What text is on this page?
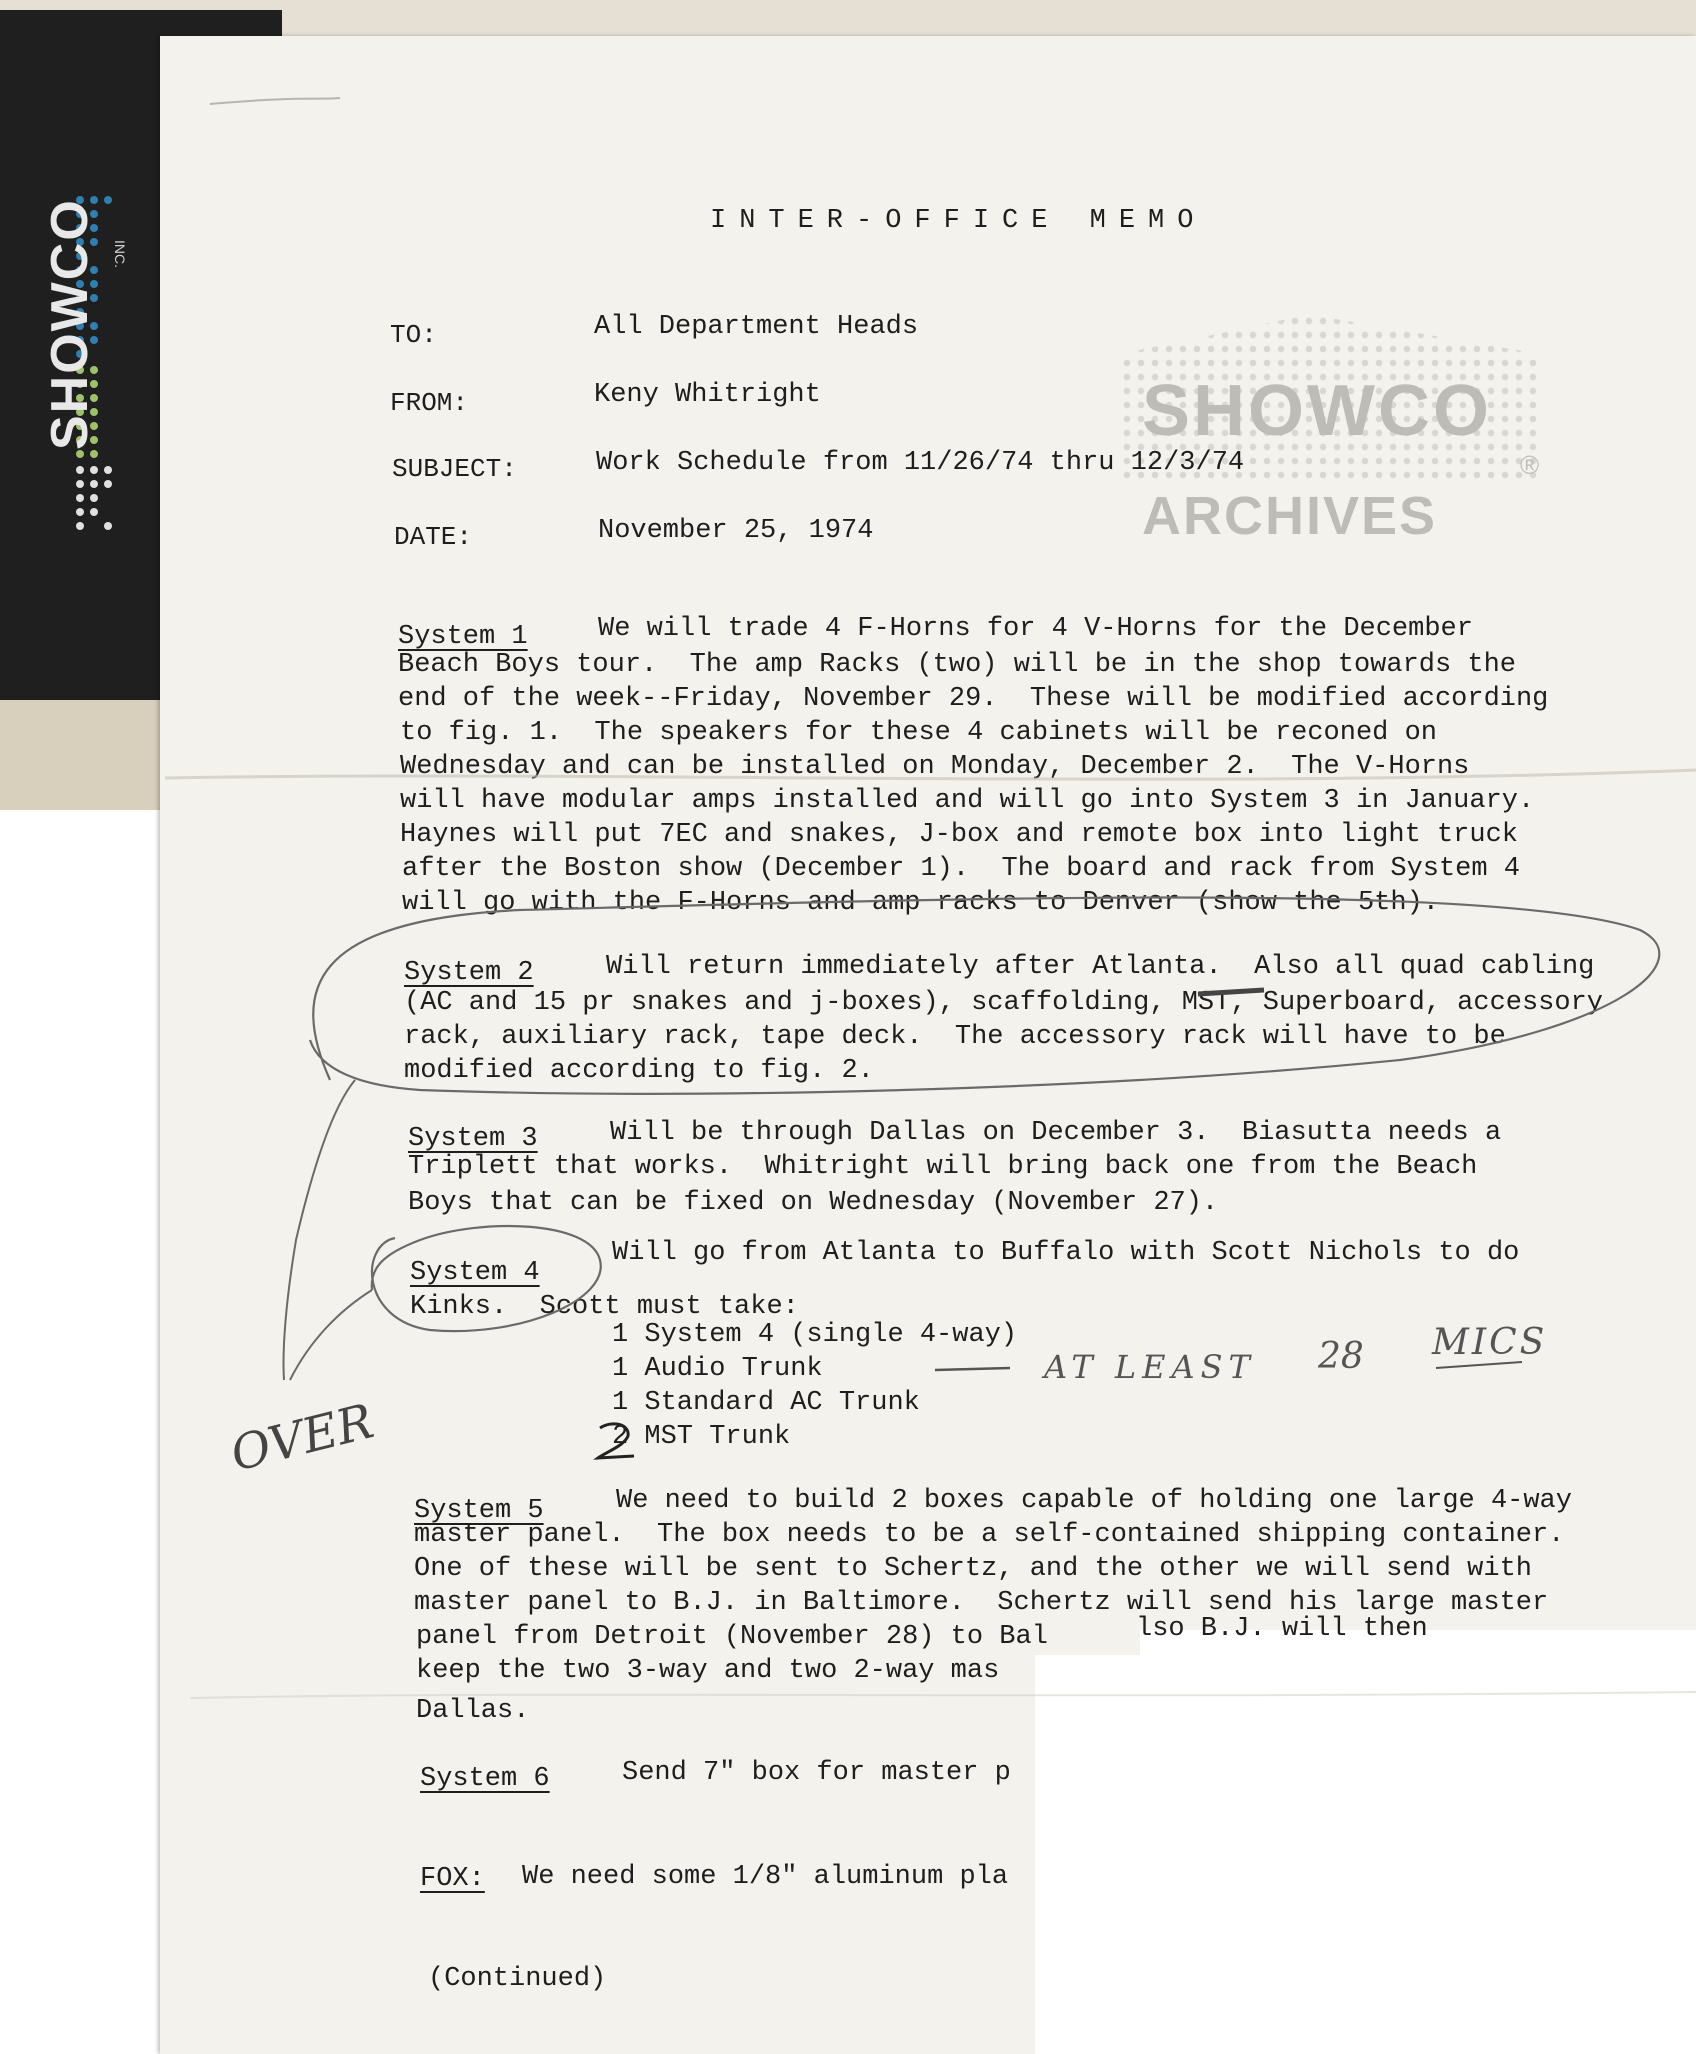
SHOWCO INC.
SHOWCO
®
ARCHIVES
INTER-OFFICE MEMO
TO:	All Department Heads
FROM:	Keny Whitright
SUBJECT:	Work Schedule from 11/26/74 thru 12/3/74
DATE:	November 25, 1974
System 1	We will trade 4 F-Horns for 4 V-Horns for the December
Beach Boys tour.  The amp Racks (two) will be in the shop towards the
end of the week--Friday, November 29.  These will be modified according
to fig. 1.  The speakers for these 4 cabinets will be reconed on
Wednesday and can be installed on Monday, December 2.  The V-Horns
will have modular amps installed and will go into System 3 in January.
Haynes will put 7EC and snakes, J-box and remote box into light truck
after the Boston show (December 1).  The board and rack from System 4
will go with the F-Horns and amp racks to Denver (show the 5th).
System 2	Will return immediately after Atlanta.  Also all quad cabling
(AC and 15 pr snakes and j-boxes), scaffolding, MST, Superboard, accessory
rack, auxiliary rack, tape deck.  The accessory rack will have to be
modified according to fig. 2.
System 3	Will be through Dallas on December 3.  Biasutta needs a
Triplett that works.  Whitright will bring back one from the Beach
Boys that can be fixed on Wednesday (November 27).
System 4
Will go from Atlanta to Buffalo with Scott Nichols to do
Kinks.  Scott must take:
1 System 4 (single 4-way)
1 Audio Trunk
1 Standard AC Trunk
2 MST Trunk
System 5	We need to build 2 boxes capable of holding one large 4-way
master panel.  The box needs to be a self-contained shipping container.
One of these will be sent to Schertz, and the other we will send with
master panel to B.J. in Baltimore.  Schertz will send his large master
panel from Detroit (November 28) to Bal	lso B.J. will then
keep the two 3-way and two 2-way mas
Dallas.
System 6	Send 7" box for master p
FOX: We need some 1/8" aluminum pla
(Continued)
AT LEAST 28 MICS
OVER
